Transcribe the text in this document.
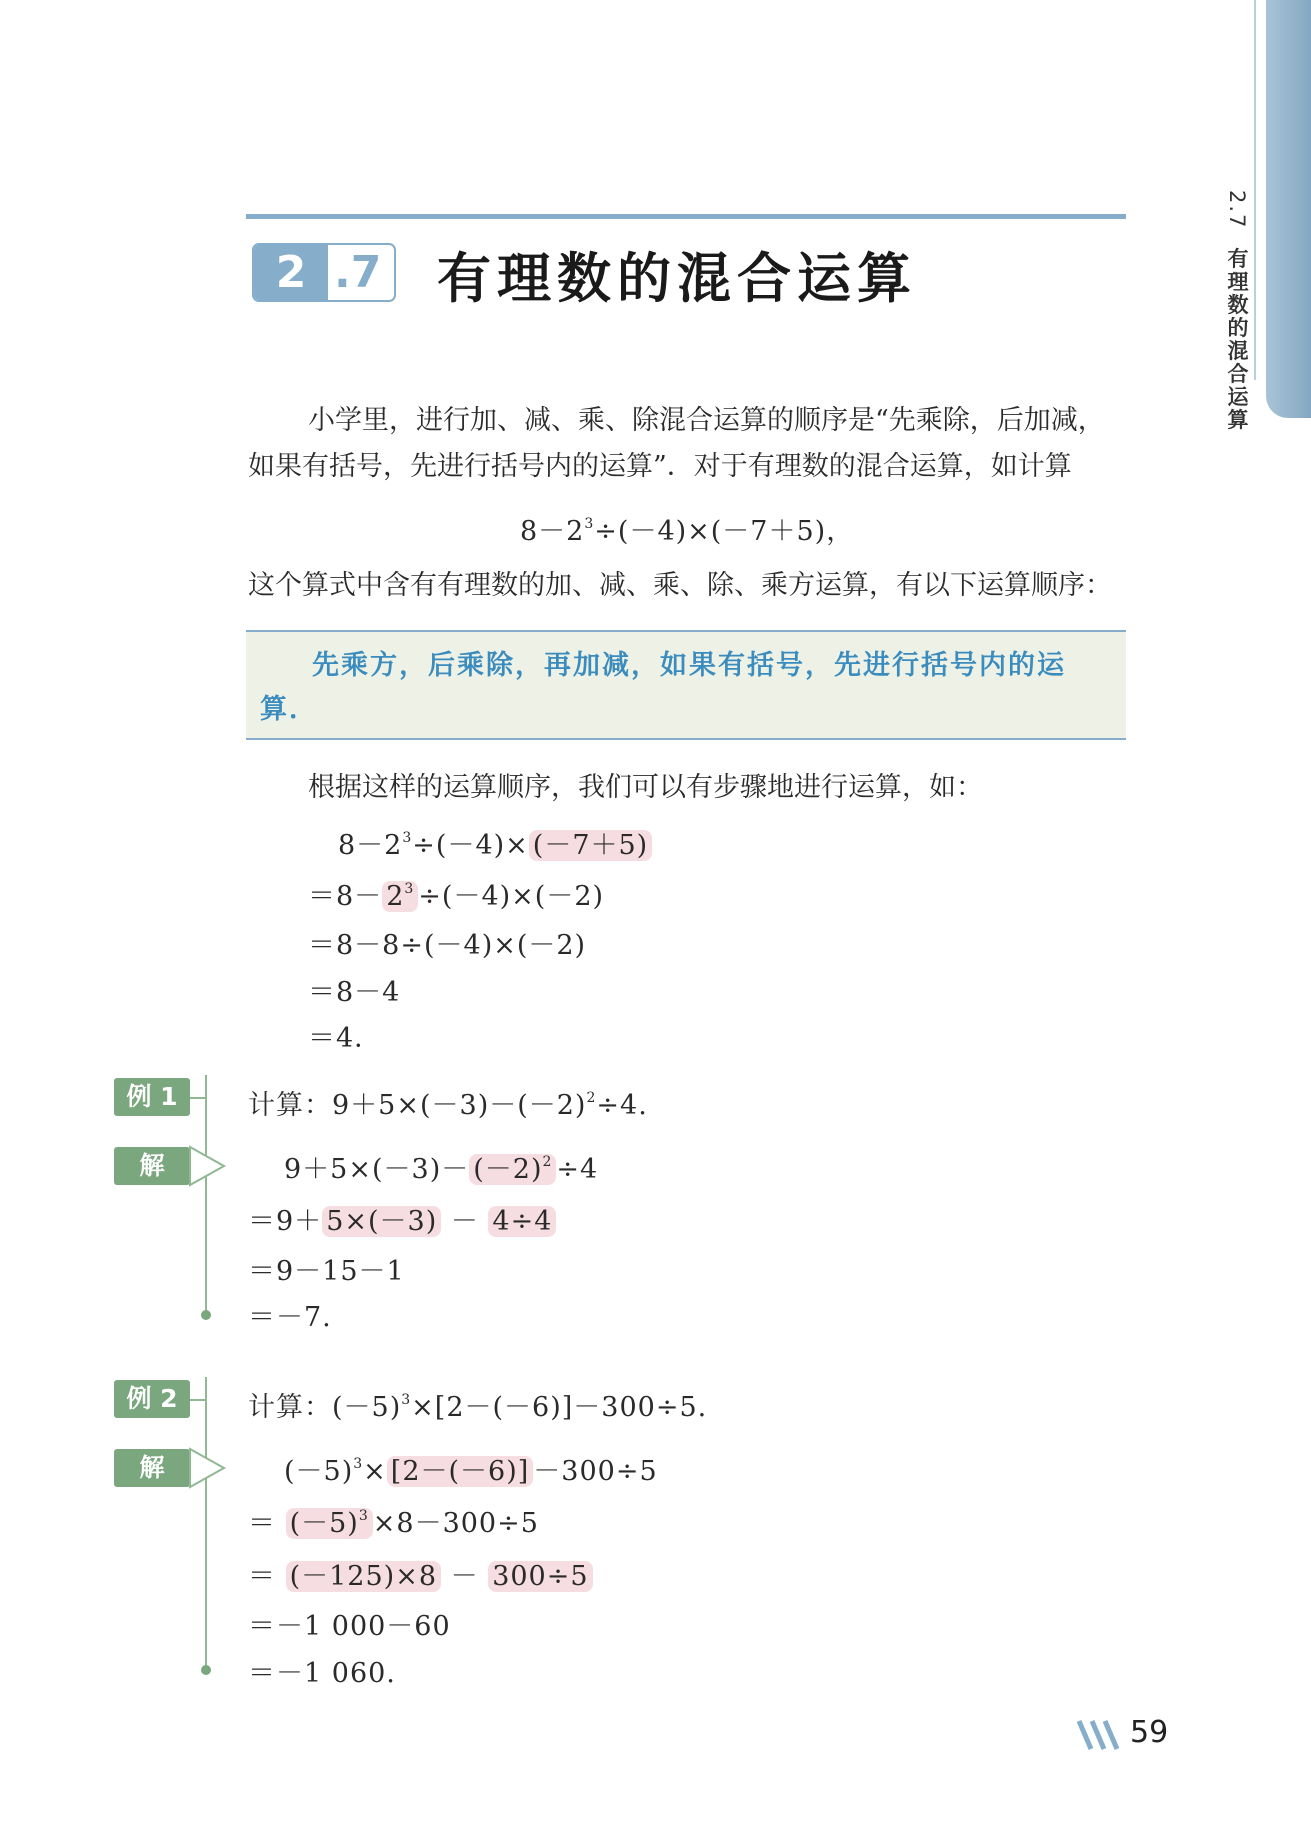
2.7有理数的混合运算
2 .7 有理数的混合运算
小学里，进行加、减、乘、除混合运算的顺序是“先乘除，后加减，
如果有括号，先进行括号内的运算”．对于有理数的混合运算，如计算
$8-2^3\div(-4)\times(-7+5)$，
这个算式中含有有理数的加、减、乘、除、乘方运算，有以下运算顺序：
先乘方，后乘除，再加减，如果有括号，先进行括号内的运算．
根据这样的运算顺序，我们可以有步骤地进行运算，如：
$8-2^3\div(-4)\times (-7+5)$
$=8- 2^3 \div(-4)\times(-2)$
＝8－8÷(－4)×(－2)
＝8－4
＝4．
例 1
解
计算：$9+5\times(-3)-(-2)^2\div 4$.
$9+5\times(-3)- (-2)^2 \div 4$
＝9＋ 5×(－3) － 4÷4
＝9－15－1
＝－7.
例 2
解
计算：$(-5)^3\times[2-(-6)]-300\div 5$.
$(-5)^3\times [2-(-6)] -300\div 5$
＝ $(-5)^3 \times 8-300\div 5$
＝ (－125)×8 － 300÷5
＝－1 000－60
＝－1 060.
59
